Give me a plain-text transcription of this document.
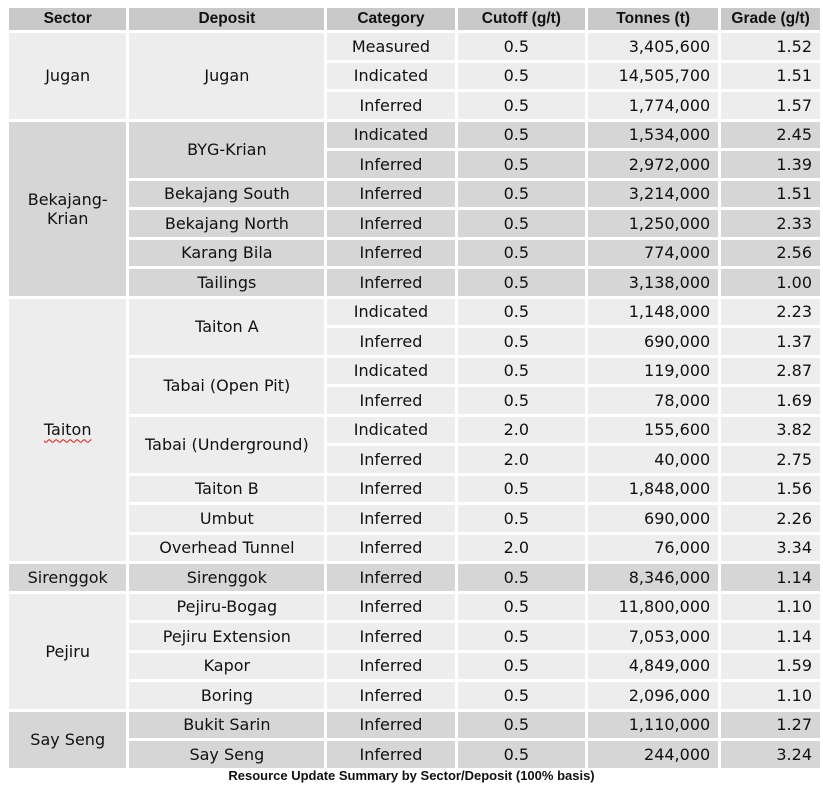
Sector	Deposit	Category	Cutoff (g/t)	Tonnes (t)	Grade (g/t)
Jugan	Jugan	Measured	0.5	3,405,600	1.52
		Indicated	0.5	14,505,700	1.51
		Inferred	0.5	1,774,000	1.57
Bekajang-
Krian	BYG-Krian	Indicated	0.5	1,534,000	2.45
		Inferred	0.5	2,972,000	1.39
	Bekajang South	Inferred	0.5	3,214,000	1.51
	Bekajang North	Inferred	0.5	1,250,000	2.33
	Karang Bila	Inferred	0.5	774,000	2.56
	Tailings	Inferred	0.5	3,138,000	1.00
Taiton	Taiton A	Indicated	0.5	1,148,000	2.23
		Inferred	0.5	690,000	1.37
	Tabai (Open Pit)	Indicated	0.5	119,000	2.87
		Inferred	0.5	78,000	1.69
	Tabai (Underground)	Indicated	2.0	155,600	3.82
		Inferred	2.0	40,000	2.75
	Taiton B	Inferred	0.5	1,848,000	1.56
	Umbut	Inferred	0.5	690,000	2.26
	Overhead Tunnel	Inferred	2.0	76,000	3.34
Sirenggok	Sirenggok	Inferred	0.5	8,346,000	1.14
Pejiru	Pejiru-Bogag	Inferred	0.5	11,800,000	1.10
	Pejiru Extension	Inferred	0.5	7,053,000	1.14
	Kapor	Inferred	0.5	4,849,000	1.59
	Boring	Inferred	0.5	2,096,000	1.10
Say Seng	Bukit Sarin	Inferred	0.5	1,110,000	1.27
	Say Seng	Inferred	0.5	244,000	3.24
Resource Update Summary by Sector/Deposit (100% basis)
